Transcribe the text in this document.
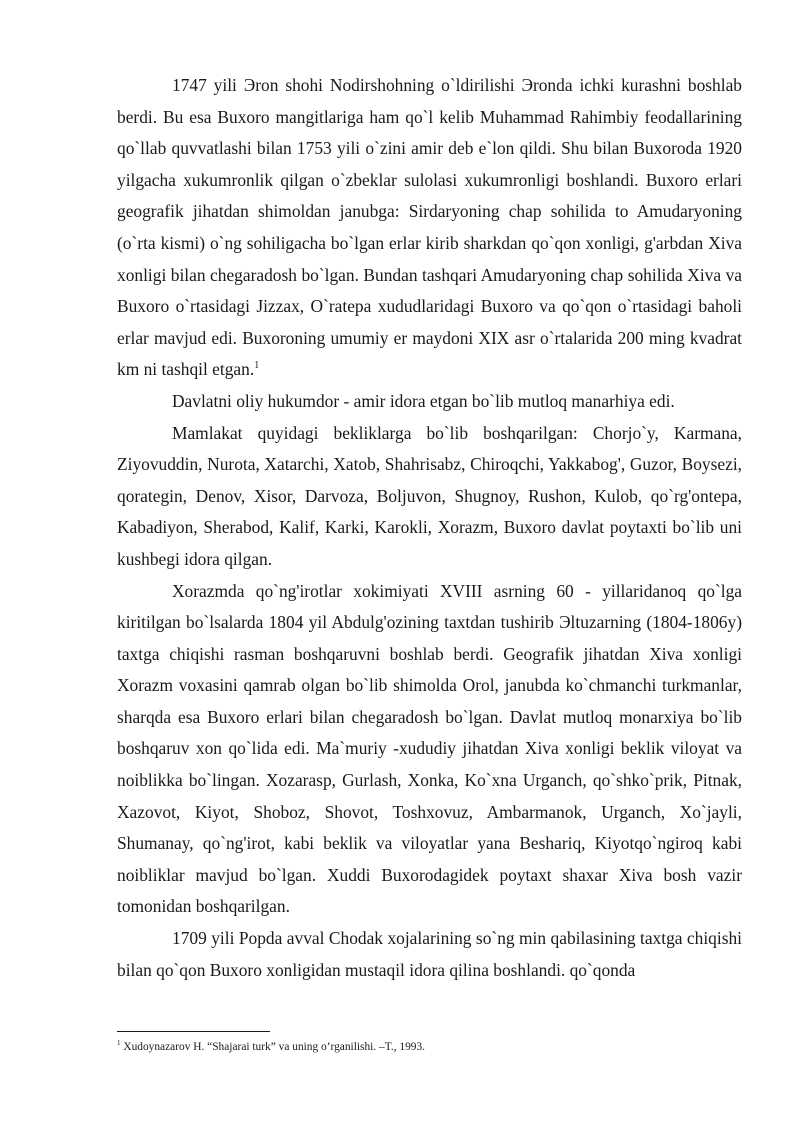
1747 yili Эron shohi Nodirshohning o`ldirilishi Эronda ichki kurashni boshlab berdi. Bu esa Buxoro mangitlariga ham qo`l kelib Muhammad Rahimbiy feodallarining qo`llab quvvatlashi bilan 1753 yili o`zini amir deb e`lon qildi. Shu bilan Buxoroda 1920 yilgacha xukumronlik qilgan o`zbeklar sulolasi xukumronligi boshlandi. Buxoro erlari geografik jihatdan shimoldan janubga: Sirdaryoning chap sohilida to Amudaryoning (o`rta kismi) o`ng sohiligacha bo`lgan erlar kirib sharkdan qo`qon xonligi, g'arbdan Xiva xonligi bilan chegaradosh bo`lgan. Bundan tashqari Amudaryoning chap sohilida Xiva va Buxoro o`rtasidagi Jizzax, O`ratepa xududlaridagi Buxoro va qo`qon o`rtasidagi baholi erlar mavjud edi. Buxoroning umumiy er maydoni XIX asr o`rtalarida 200 ming kvadrat km ni tashqil etgan.$^1$

Davlatni oliy hukumdor - amir idora etgan bo`lib mutloq manarhiya edi.

Mamlakat quyidagi bekliklarga bo`lib boshqarilgan: Chorjo`y, Karmana, Ziyovuddin, Nurota, Xatarchi, Xatob, Shahrisabz, Chiroqchi, Yakkabog', Guzor, Boysezi, qorategin, Denov, Xisor, Darvoza, Boljuvon, Shugnoy, Rushon, Kulob, qo`rg'ontepa, Kabadiyon, Sherabod, Kalif, Karki, Karokli, Xorazm, Buxoro davlat poytaxti bo`lib uni kushbegi idora qilgan.

Xorazmda qo`ng'irotlar xokimiyati XVIII asrning 60 - yillaridanoq qo`lga kiritilgan bo`lsalarda 1804 yil Abdulg'ozining taxtdan tushirib Эltuzarning (1804-1806y) taxtga chiqishi rasman boshqaruvni boshlab berdi. Geografik jihatdan Xiva xonligi Xorazm voxasini qamrab olgan bo`lib shimolda Orol, janubda ko`chmanchi turkmanlar, sharqda esa Buxoro erlari bilan chegaradosh bo`lgan. Davlat mutloq monarxiya bo`lib boshqaruv xon qo`lida edi. Ma`muriy -xududiy jihatdan Xiva xonligi beklik viloyat va noiblikka bo`lingan. Xozarasp, Gurlash, Xonka, Ko`xna Urganch, qo`shko`prik, Pitnak, Xazovot, Kiyot, Shoboz, Shovot, Toshxovuz, Ambarmanok, Urganch, Xo`jayli, Shumanay, qo`ng'irot, kabi beklik va viloyatlar yana Beshariq, Kiyotqo`ngiroq kabi noibliklar mavjud bo`lgan. Xuddi Buxorodagidek poytaxt shaxar Xiva bosh vazir tomonidan boshqarilgan.

1709 yili Popda avval Chodak xojalarining so`ng min qabilasining taxtga chiqishi bilan qo`qon Buxoro xonligidan mustaqil idora qilina boshlandi. qo`qonda

$^1$ Xudoynazarov H. “Shajarai turk” va uning o’rganilishi. –T., 1993.
